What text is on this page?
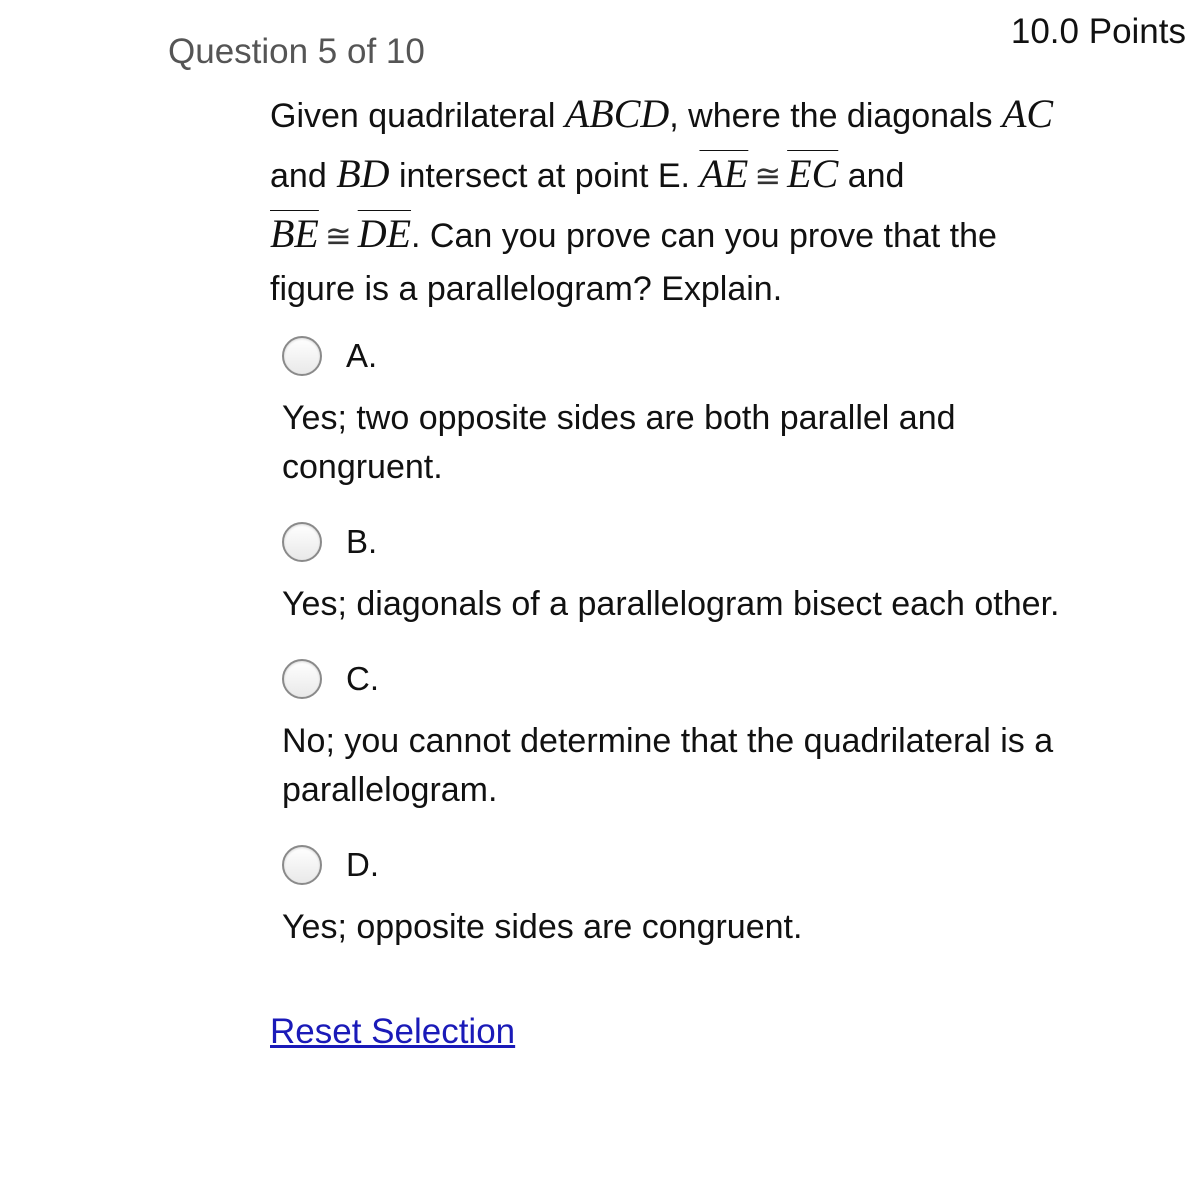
10.0 Points
Question 5 of 10
Given quadrilateral ABCD, where the diagonals AC
and BD intersect at point E. $\overline{AE}$ ≅ $\overline{EC}$ and
$\overline{BE}$ ≅ $\overline{DE}$. Can you prove can you prove that the
figure is a parallelogram? Explain.
A.
Yes; two opposite sides are both parallel and congruent.
B.
Yes; diagonals of a parallelogram bisect each other.
C.
No; you cannot determine that the quadrilateral is a parallelogram.
D.
Yes; opposite sides are congruent.
Reset Selection
